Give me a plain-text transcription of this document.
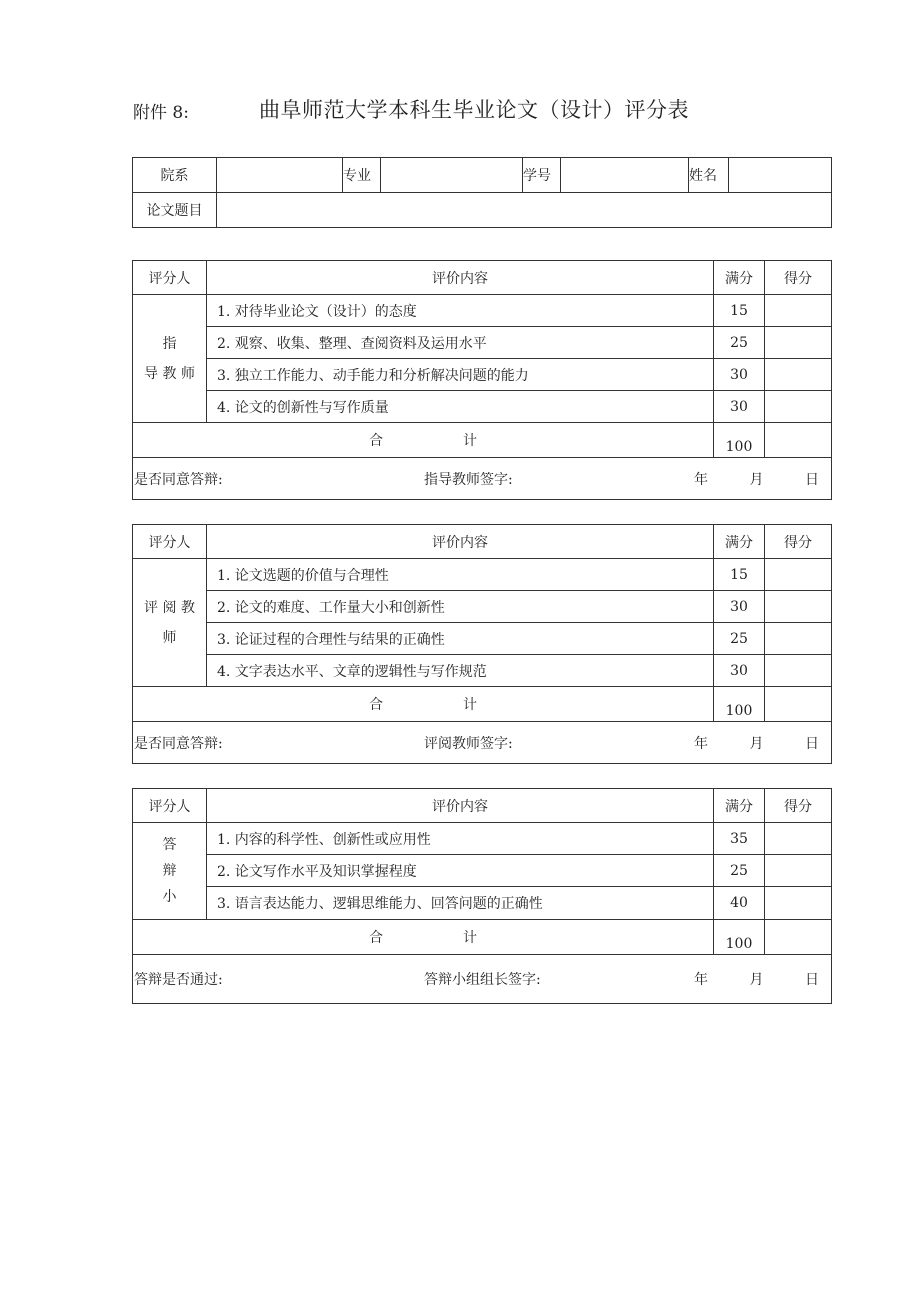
附件 8:	曲阜师范大学本科生毕业论文（设计）评分表
院系		专业		学号		姓名	
论文题目							
评分人	评价内容	满分	得分

指
导 教 师	1. 对待毕业论文（设计）的态度	15	
	2. 观察、收集、整理、查阅资料及运用水平	25	
	3. 独立工作能力、动手能力和分析解决问题的能力	30	
	4. 论文的创新性与写作质量	30	
合 计		100	

是否同意答辩: 指导教师签字: 年 月 日			
评分人	评价内容	满分	得分

评 阅 教
师	1. 论文选题的价值与合理性	15	
	2. 论文的难度、工作量大小和创新性	30	
	3. 论证过程的合理性与结果的正确性	25	
	4. 文字表达水平、文章的逻辑性与写作规范	30	
合 计		100	

是否同意答辩: 评阅教师签字: 年 月 日			
评分人	评价内容	满分	得分

答
辩
小	1. 内容的科学性、创新性或应用性	35	
	2. 论文写作水平及知识掌握程度	25	
	3. 语言表达能力、逻辑思维能力、回答问题的正确性	40	
合 计		100	

答辩是否通过: 答辩小组组长签字: 年 月 日			
